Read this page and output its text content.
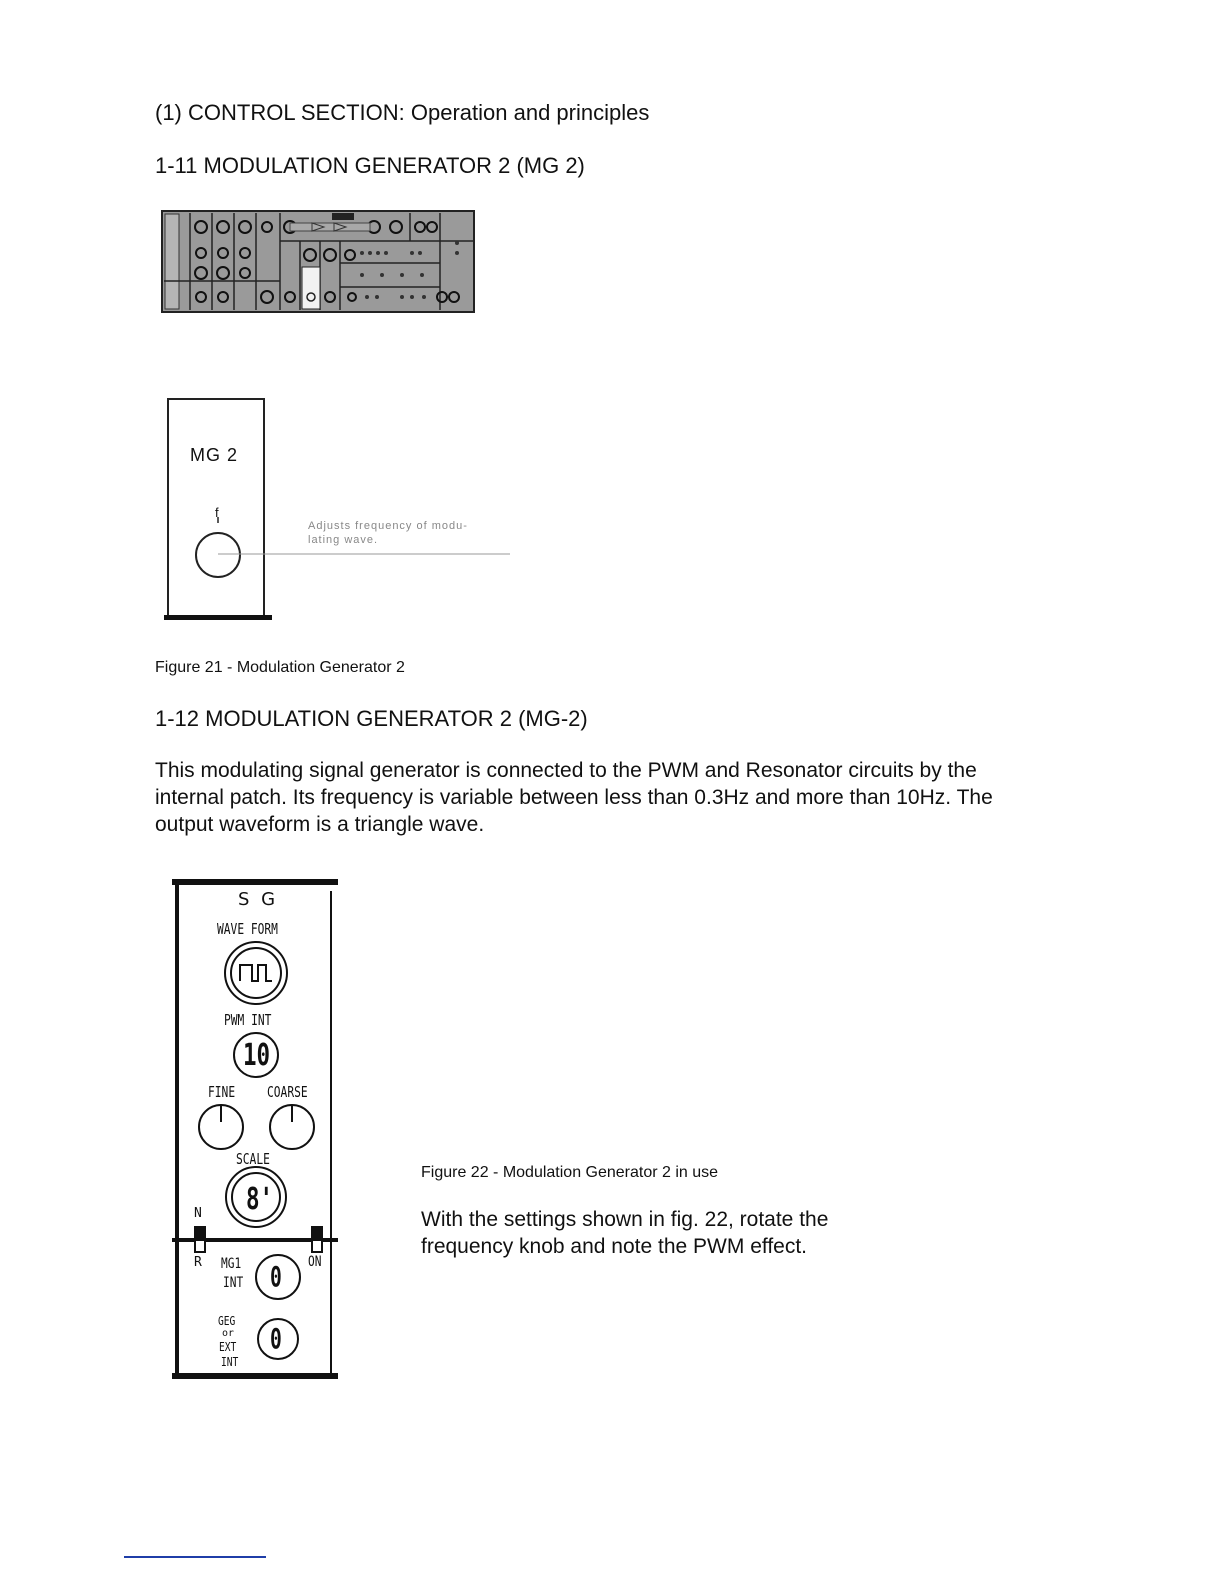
(1) CONTROL SECTION: Operation and principles
1-11 MODULATION GENERATOR 2 (MG 2)
MG 2
f
Adjusts frequency of modu-
lating wave.
Figure 21 - Modulation Generator 2
1-12 MODULATION GENERATOR 2 (MG-2)
This modulating signal generator is connected to the PWM and Resonator circuits by the internal patch. Its frequency is variable between less than 0.3Hz and more than 10Hz. The output waveform is a triangle wave.
S G
WAVE FORM
PWM INT
10
FINE COARSE
SCALE
8'
N
R	ON
MG1
INT 0
GEG
or
EXT
INT
0
Figure 22 - Modulation Generator 2 in use
With the settings shown in fig. 22, rotate the frequency knob and note the PWM effect.
